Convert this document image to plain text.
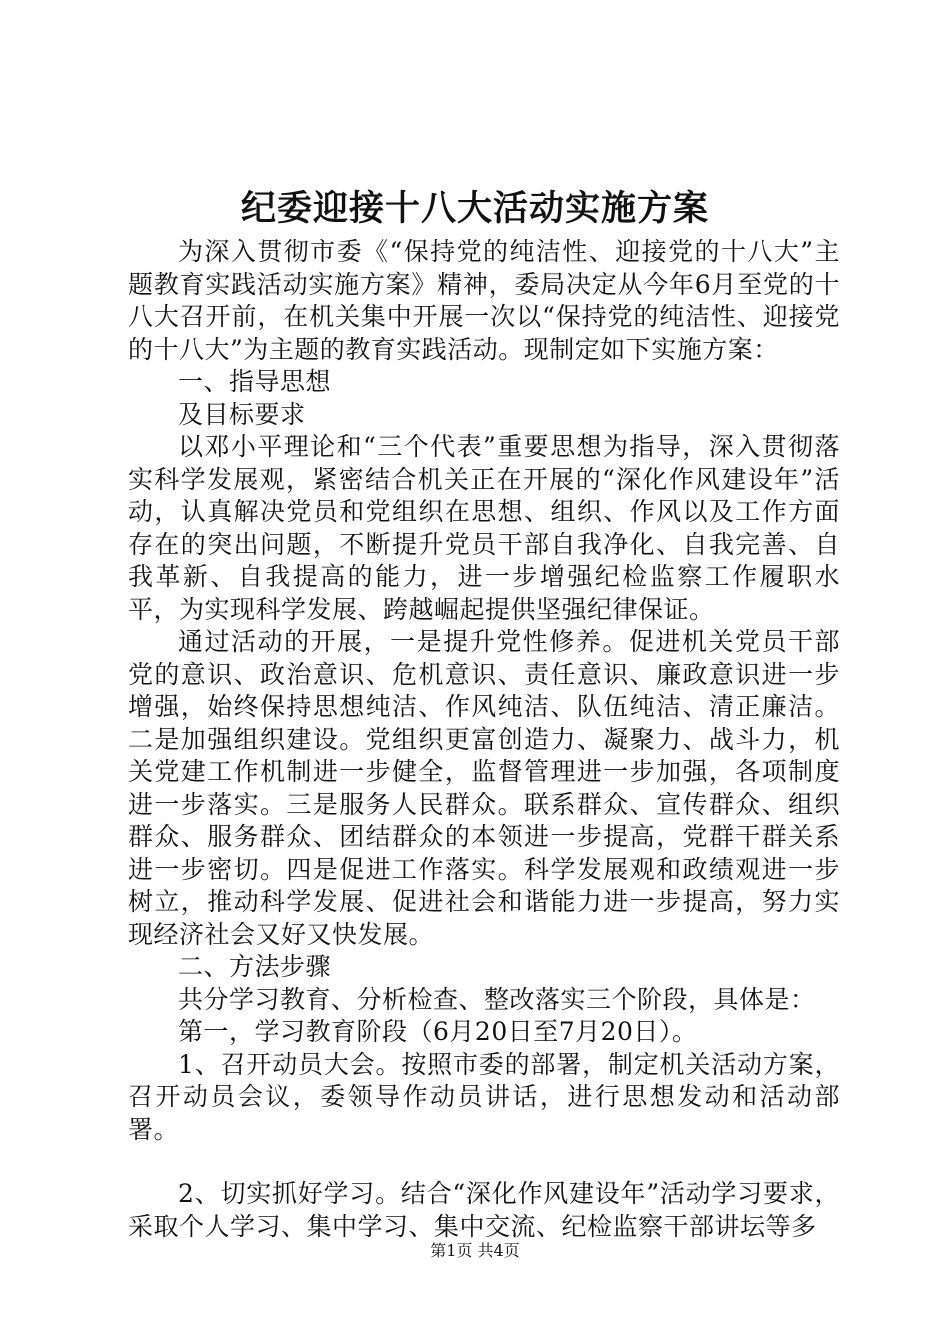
纪委迎接十八大活动实施方案

为深入贯彻市委《“保持党的纯洁性、迎接党的十八大”主题教育实践活动实施方案》精神，委局决定从今年6月至党的十八大召开前，在机关集中开展一次以“保持党的纯洁性、迎接党的十八大”为主题的教育实践活动。现制定如下实施方案：

一、指导思想

及目标要求

以邓小平理论和“三个代表”重要思想为指导，深入贯彻落实科学发展观，紧密结合机关正在开展的“深化作风建设年”活动，认真解决党员和党组织在思想、组织、作风以及工作方面存在的突出问题，不断提升党员干部自我净化、自我完善、自我革新、自我提高的能力，进一步增强纪检监察工作履职水平，为实现科学发展、跨越崛起提供坚强纪律保证。

通过活动的开展，一是提升党性修养。促进机关党员干部党的意识、政治意识、危机意识、责任意识、廉政意识进一步增强，始终保持思想纯洁、作风纯洁、队伍纯洁、清正廉洁。二是加强组织建设。党组织更富创造力、凝聚力、战斗力，机关党建工作机制进一步健全，监督管理进一步加强，各项制度进一步落实。三是服务人民群众。联系群众、宣传群众、组织群众、服务群众、团结群众的本领进一步提高，党群干群关系进一步密切。四是促进工作落实。科学发展观和政绩观进一步树立，推动科学发展、促进社会和谐能力进一步提高，努力实现经济社会又好又快发展。

二、方法步骤

共分学习教育、分析检查、整改落实三个阶段，具体是：

第一，学习教育阶段（6月20日至7月20日）。

1、召开动员大会。按照市委的部署，制定机关活动方案，召开动员会议，委领导作动员讲话，进行思想发动和活动部署。

2、切实抓好学习。结合“深化作风建设年”活动学习要求，采取个人学习、集中学习、集中交流、纪检监察干部讲坛等多

第1页 共4页
